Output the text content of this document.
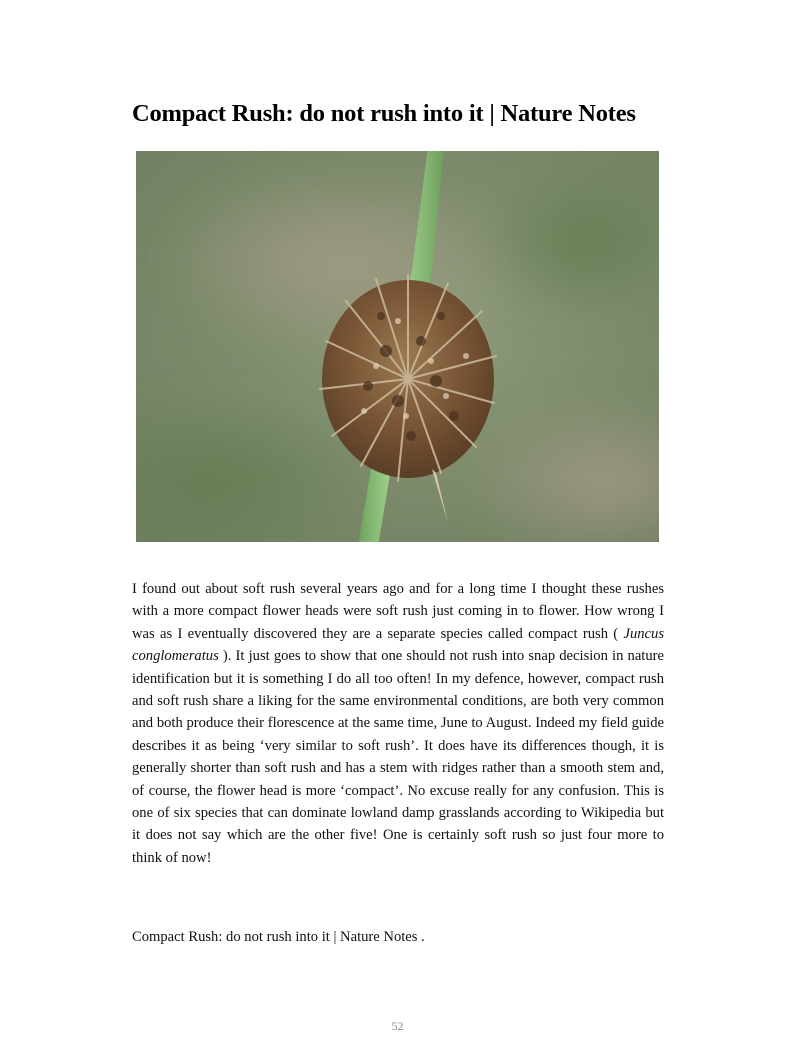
Compact Rush: do not rush into it | Nature Notes

I found out about soft rush several years ago and for a long time I thought these rushes with a more compact flower heads were soft rush just coming in to flower. How wrong I was as I eventually discovered they are a separate species called compact rush ( Juncus conglomeratus ). It just goes to show that one should not rush into snap decision in nature identification but it is something I do all too often! In my defence, however, compact rush and soft rush share a liking for the same environmental conditions, are both very common and both produce their florescence at the same time, June to August. Indeed my field guide describes it as being ‘very similar to soft rush’. It does have its differences though, it is generally shorter than soft rush and has a stem with ridges rather than a smooth stem and, of course, the flower head is more ‘compact’. No excuse really for any confusion. This is one of six species that can dominate lowland damp grasslands according to Wikipedia but it does not say which are the other five! One is certainly soft rush so just four more to think of now!

Compact Rush: do not rush into it | Nature Notes .

52
